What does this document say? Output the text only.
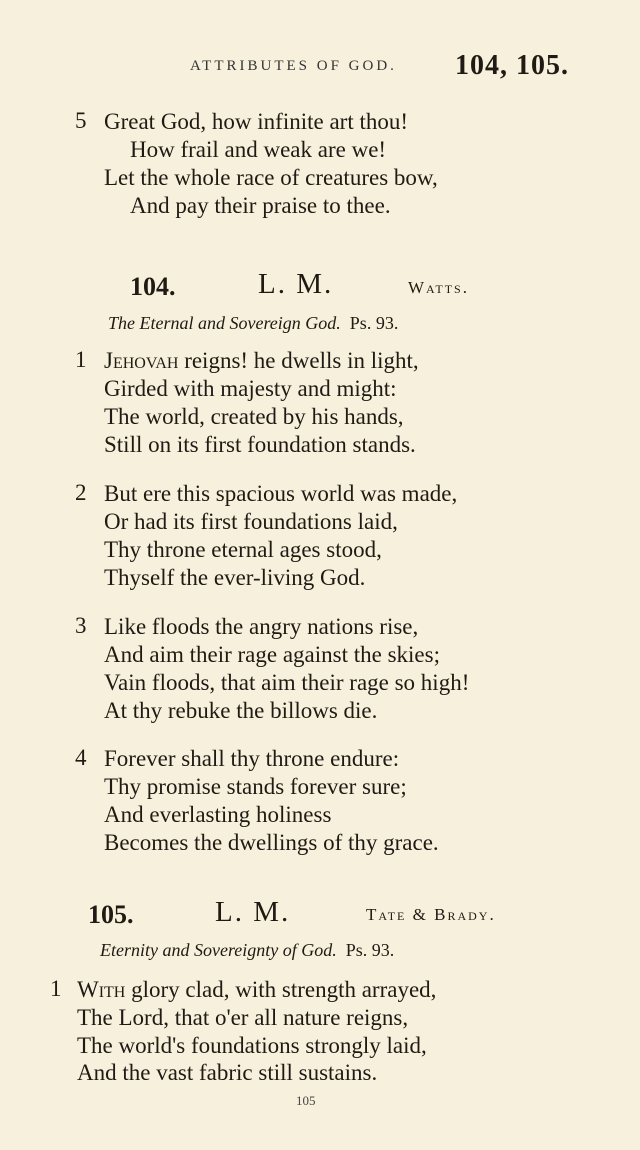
ATTRIBUTES OF GOD. 104, 105.
5 Great God, how infinite art thou!
How frail and weak are we!
Let the whole race of creatures bow,
And pay their praise to thee.
104.	L. M.	Watts.
The Eternal and Sovereign God. Ps. 93.
1 Jehovah reigns! he dwells in light,
Girded with majesty and might:
The world, created by his hands,
Still on its first foundation stands.
2 But ere this spacious world was made,
Or had its first foundations laid,
Thy throne eternal ages stood,
Thyself the ever-living God.
3 Like floods the angry nations rise,
And aim their rage against the skies;
Vain floods, that aim their rage so high!
At thy rebuke the billows die.
4 Forever shall thy throne endure:
Thy promise stands forever sure;
And everlasting holiness
Becomes the dwellings of thy grace.
105.	L. M.	Tate & Brady.
Eternity and Sovereignty of God. Ps. 93.
1 With glory clad, with strength arrayed,
The Lord, that o'er all nature reigns,
The world's foundations strongly laid,
And the vast fabric still sustains.
105
